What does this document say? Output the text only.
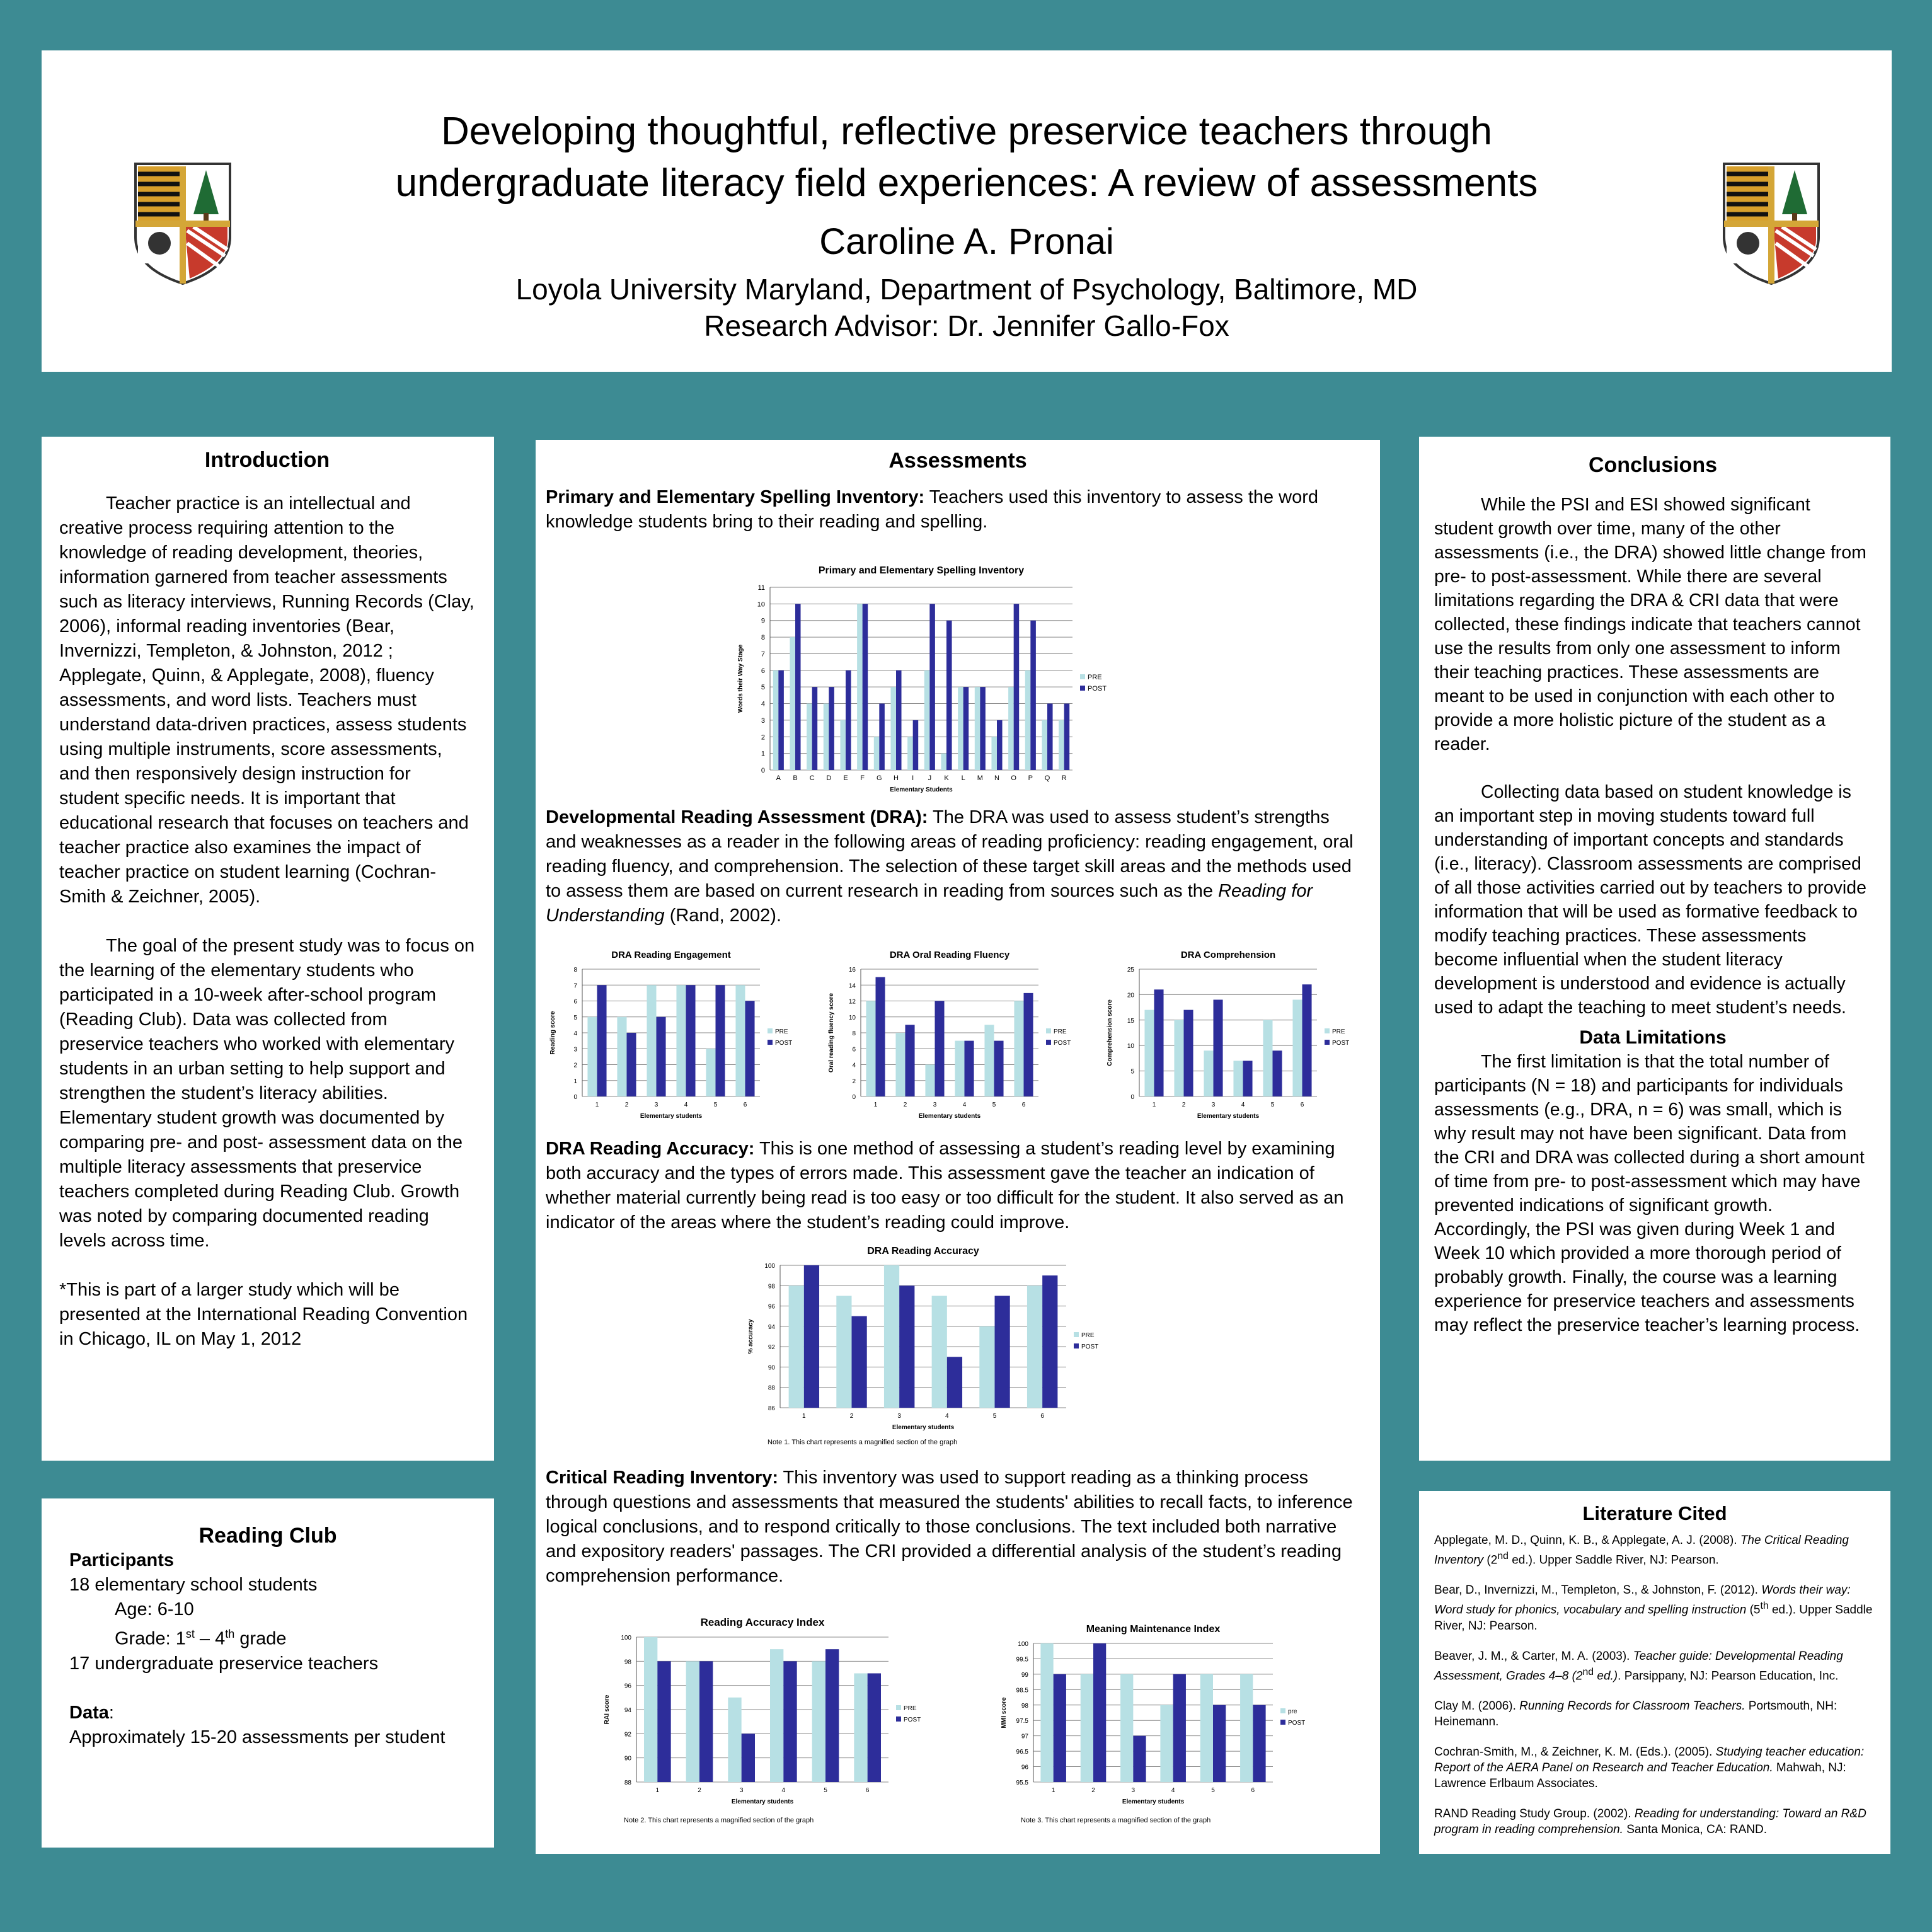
Developing thoughtful, reflective preservice teachers through
undergraduate literacy field experiences: A review of assessments
Caroline A. Pronai
Loyola University Maryland, Department of Psychology, Baltimore, MD
Research Advisor: Dr. Jennifer Gallo-Fox
Introduction

Teacher practice is an intellectual and creative process requiring attention to the knowledge of reading development, theories, information garnered from teacher assessments such as literacy interviews, Running Records (Clay, 2006), informal reading inventories (Bear, Invernizzi, Templeton, & Johnston, 2012 ; Applegate, Quinn, & Applegate, 2008), fluency assessments, and word lists. Teachers must understand data-driven practices, assess students using multiple instruments, score assessments, and then responsively design instruction for student specific needs. It is important that educational research that focuses on teachers and teacher practice also examines the impact of teacher practice on student learning (Cochran-Smith & Zeichner, 2005).

The goal of the present study was to focus on the learning of the elementary students who participated in a 10-week after-school program (Reading Club). Data was collected from preservice teachers who worked with elementary students in an urban setting to help support and strengthen the student’s literacy abilities. Elementary student growth was documented by comparing pre- and post- assessment data on the multiple literacy assessments that preservice teachers completed during Reading Club. Growth was noted by comparing documented reading levels across time.

*This is part of a larger study which will be presented at the International Reading Convention in Chicago, IL on May 1, 2012

Reading Club

Participants

18 elementary school students

Age: 6-10

Grade: 1st – 4th grade

17 undergraduate preservice teachers

Data:

Approximately 15-20 assessments per student

Assessments
Primary and Elementary Spelling Inventory: Teachers used this inventory to assess the word knowledge students bring to their reading and spelling.
Primary and Elementary Spelling Inventory
0
1
2
3
4
5
6
7
8
9
10
11
A B C D E F G H I J K L M N O P Q R
Elementary Students
Words their Way Stage	PRE
POST
Developmental Reading Assessment (DRA): The DRA was used to assess student’s strengths and weaknesses as a reader in the following areas of reading proficiency: reading engagement, oral reading fluency, and comprehension. The selection of these target skill areas and the methods used to assess them are based on current research in reading from sources such as the Reading for Understanding (Rand, 2002).
DRA Reading Engagement
0
1
2
3
4
5
6
7
8
1	2	3	4	5	6
Elementary students
Reading score	PRE
POST
DRA Oral Reading Fluency
0
2
4
6
8
10
12
14
16
1	2	3	4	5	6
Elementary students
Oral reading fluency score	PRE
POST
DRA Comprehension
0
5
10
15
20
25
1	2	3	4	5	6
Elementary students
Comprehension score	PRE
POST
DRA Reading Accuracy: This is one method of assessing a student’s reading level by examining both accuracy and the types of errors made. This assessment gave the teacher an indication of whether material currently being read is too easy or too difficult for the student. It also served as an indicator of the areas where the student’s reading could improve.
DRA Reading Accuracy
86
88
90
92
94
96
98
100
1	2	3	4	5	6
Elementary students
% accuracy	PRE
POST
Note 1. This chart represents a magnified section of the graph
Critical Reading Inventory: This inventory was used to support reading as a thinking process through questions and assessments that measured the students' abilities to recall facts, to inference logical conclusions, and to respond critically to those conclusions. The text included both narrative and expository readers' passages. The CRI provided a differential analysis of the student’s reading comprehension performance.
Reading Accuracy Index
88
90
92
94
96
98
100
1	2	3	4	5	6
Elementary students
RAI score	PRE
POST
Note 2. This chart represents a magnified section of the graph
Meaning Maintenance Index
95.5
96
96.5
97
97.5
98
98.5
99
99.5
100
1	2	3	4	5	6
Elementary students
MMI score	pre
POST
Note 3. This chart represents a magnified section of the graph
Conclusions

While the PSI and ESI showed significant student growth over time, many of the other assessments (i.e., the DRA) showed little change from pre- to post-assessment. While there are several limitations regarding the DRA & CRI data that were collected, these findings indicate that teachers cannot use the results from only one assessment to inform their teaching practices. These assessments are meant to be used in conjunction with each other to provide a more holistic picture of the student as a reader.

Collecting data based on student knowledge is an important step in moving students toward full understanding of important concepts and standards (i.e., literacy). Classroom assessments are comprised of all those activities carried out by teachers to provide information that will be used as formative feedback to modify teaching practices. These assessments become influential when the student literacy development is understood and evidence is actually used to adapt the teaching to meet student’s needs.

Data Limitations

The first limitation is that the total number of participants (N = 18) and participants for individuals assessments (e.g., DRA, n = 6) was small, which is why result may not have been significant. Data from the CRI and DRA was collected during a short amount of time from pre- to post-assessment which may have prevented indications of significant growth. Accordingly, the PSI was given during Week 1 and Week 10 which provided a more thorough period of probably growth. Finally, the course was a learning experience for preservice teachers and assessments may reflect the preservice teacher’s learning process.

Literature Cited

Applegate, M. D., Quinn, K. B., & Applegate, A. J. (2008). The Critical Reading Inventory (2nd ed.). Upper Saddle River, NJ: Pearson.

Bear, D., Invernizzi, M., Templeton, S., & Johnston, F. (2012). Words their way: Word study for phonics, vocabulary and spelling instruction (5th ed.). Upper Saddle River, NJ: Pearson.

Beaver, J. M., & Carter, M. A. (2003). Teacher guide: Developmental Reading Assessment, Grades 4–8 (2nd ed.). Parsippany, NJ: Pearson Education, Inc.

Clay M. (2006). Running Records for Classroom Teachers. Portsmouth, NH: Heinemann.

Cochran-Smith, M., & Zeichner, K. M. (Eds.). (2005). Studying teacher education: Report of the AERA Panel on Research and Teacher Education. Mahwah, NJ: Lawrence Erlbaum Associates.

RAND Reading Study Group. (2002). Reading for understanding: Toward an R&D program in reading comprehension. Santa Monica, CA: RAND.
